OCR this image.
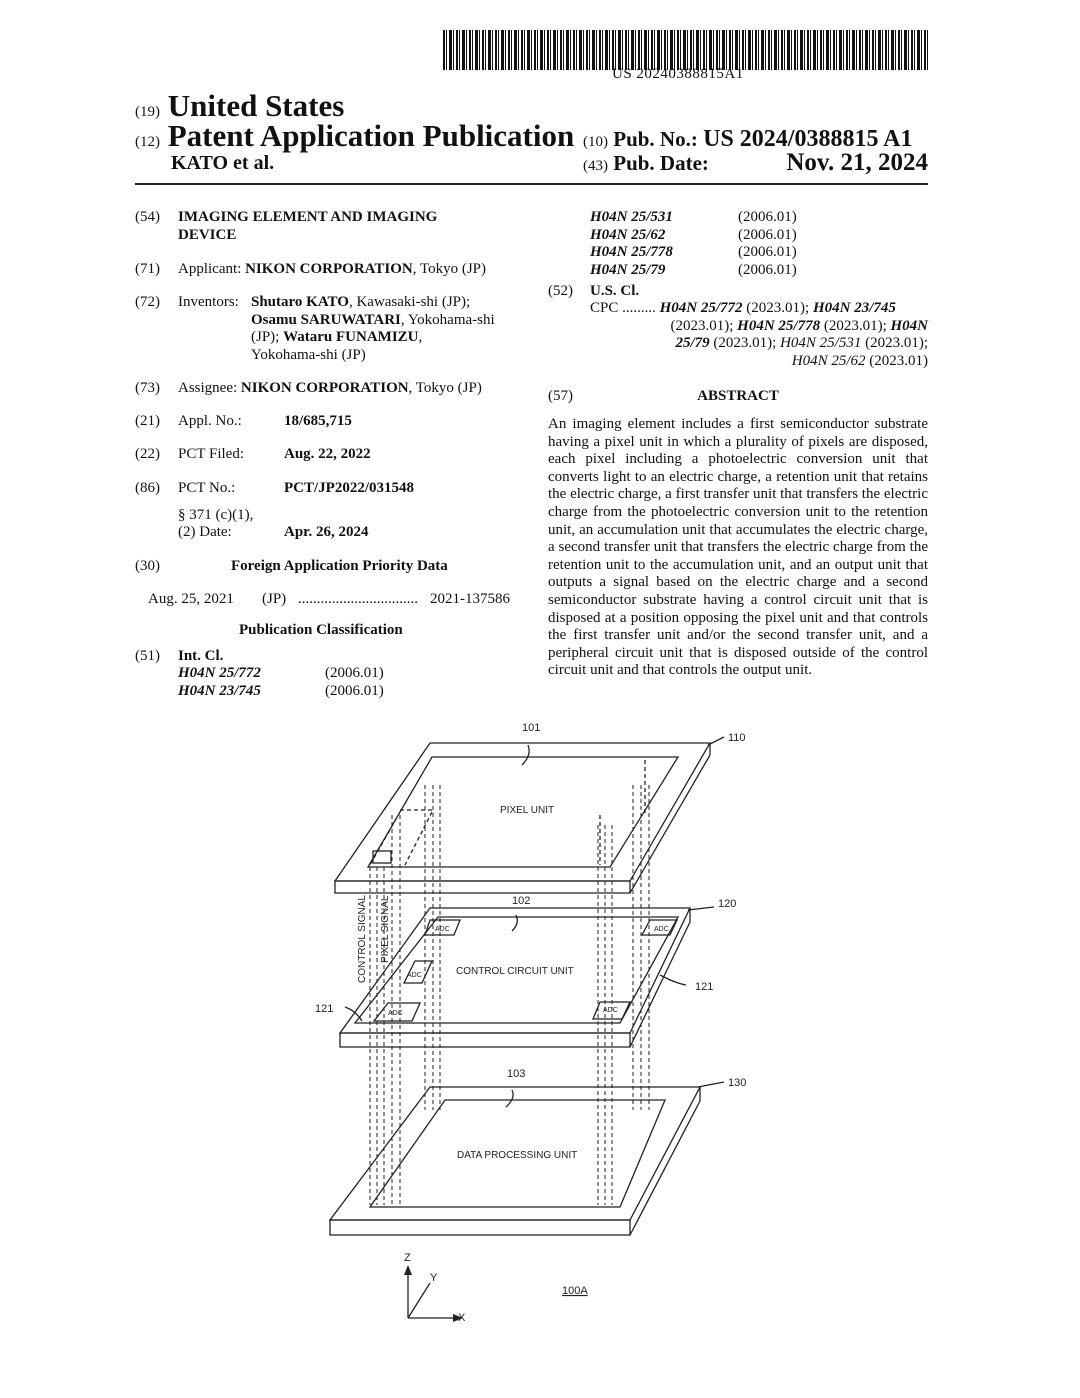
US 20240388815A1
(19) United States
(12) Patent Application Publication
KATO et al.
(10) Pub. No.: US 2024/0388815 A1
(43) Pub. Date:	Nov. 21, 2024
(54) IMAGING ELEMENT AND IMAGING
DEVICE
(71) Applicant: NIKON CORPORATION, Tokyo (JP)
(72) Inventors: Shutaro KATO, Kawasaki-shi (JP);
Osamu SARUWATARI, Yokohama-shi
(JP); Wataru FUNAMIZU,
Yokohama-shi (JP)
(73) Assignee: NIKON CORPORATION, Tokyo (JP)
(21) Appl. No.:	18/685,715
(22) PCT Filed:	Aug. 22, 2022
(86) PCT No.:	PCT/JP2022/031548
§ 371 (c)(1),
(2) Date:	Apr. 26, 2024
(30)	Foreign Application Priority Data
Aug. 25, 2021 (JP) ................................ 2021-137586
Publication Classification
(51) Int. Cl.
H04N 25/772	(2006.01)
H04N 23/745	(2006.01)
H04N 25/531	(2006.01)
H04N 25/62	(2006.01)
H04N 25/778	(2006.01)
H04N 25/79	(2006.01)
(52) U.S. Cl.
CPC ......... H04N 25/772 (2023.01); H04N 23/745
(2023.01); H04N 25/778 (2023.01); H04N
25/79 (2023.01); H04N 25/531 (2023.01);
H04N 25/62 (2023.01)
(57)	ABSTRACT
An imaging element includes a first semiconductor substrate having a pixel unit in which a plurality of pixels are disposed, each pixel including a photoelectric conversion unit that converts light to an electric charge, a retention unit that retains the electric charge, a first transfer unit that transfers the electric charge from the photoelectric conversion unit to the retention unit, an accumulation unit that accumulates the electric charge, a second transfer unit that transfers the electric charge from the retention unit to the accumulation unit, and an output unit that outputs a signal based on the electric charge and a second semiconductor substrate having a control circuit unit that is disposed at a position opposing the pixel unit and that controls the first transfer unit and/or the second transfer unit, and a peripheral circuit unit that is disposed outside of the control circuit unit and that controls the output unit.
101
110
PIXEL UNIT
102	120
CONTROL CIRCUIT UNIT
121
121
ADC	ADC
ADC
ADC	ADC
CONTROL SIGNAL PIXEL SIGNAL
103
130
DATA PROCESSING UNIT
Z
Y
X
100A
